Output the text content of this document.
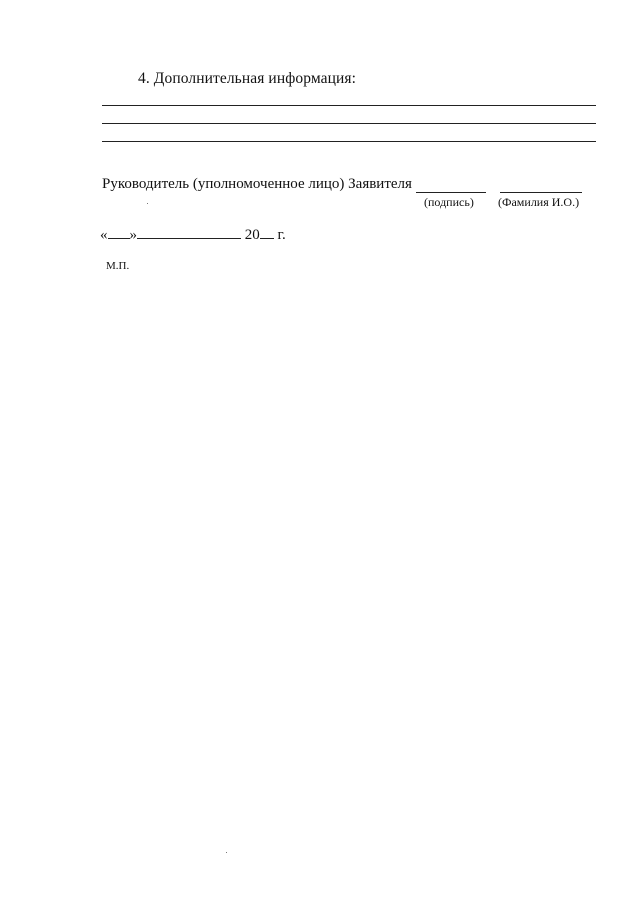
4. Дополнительная информация:
Руководитель (уполномоченное лицо) Заявителя
(подпись) (Фамилия И.О.)
« »	20 г.
М.П.
